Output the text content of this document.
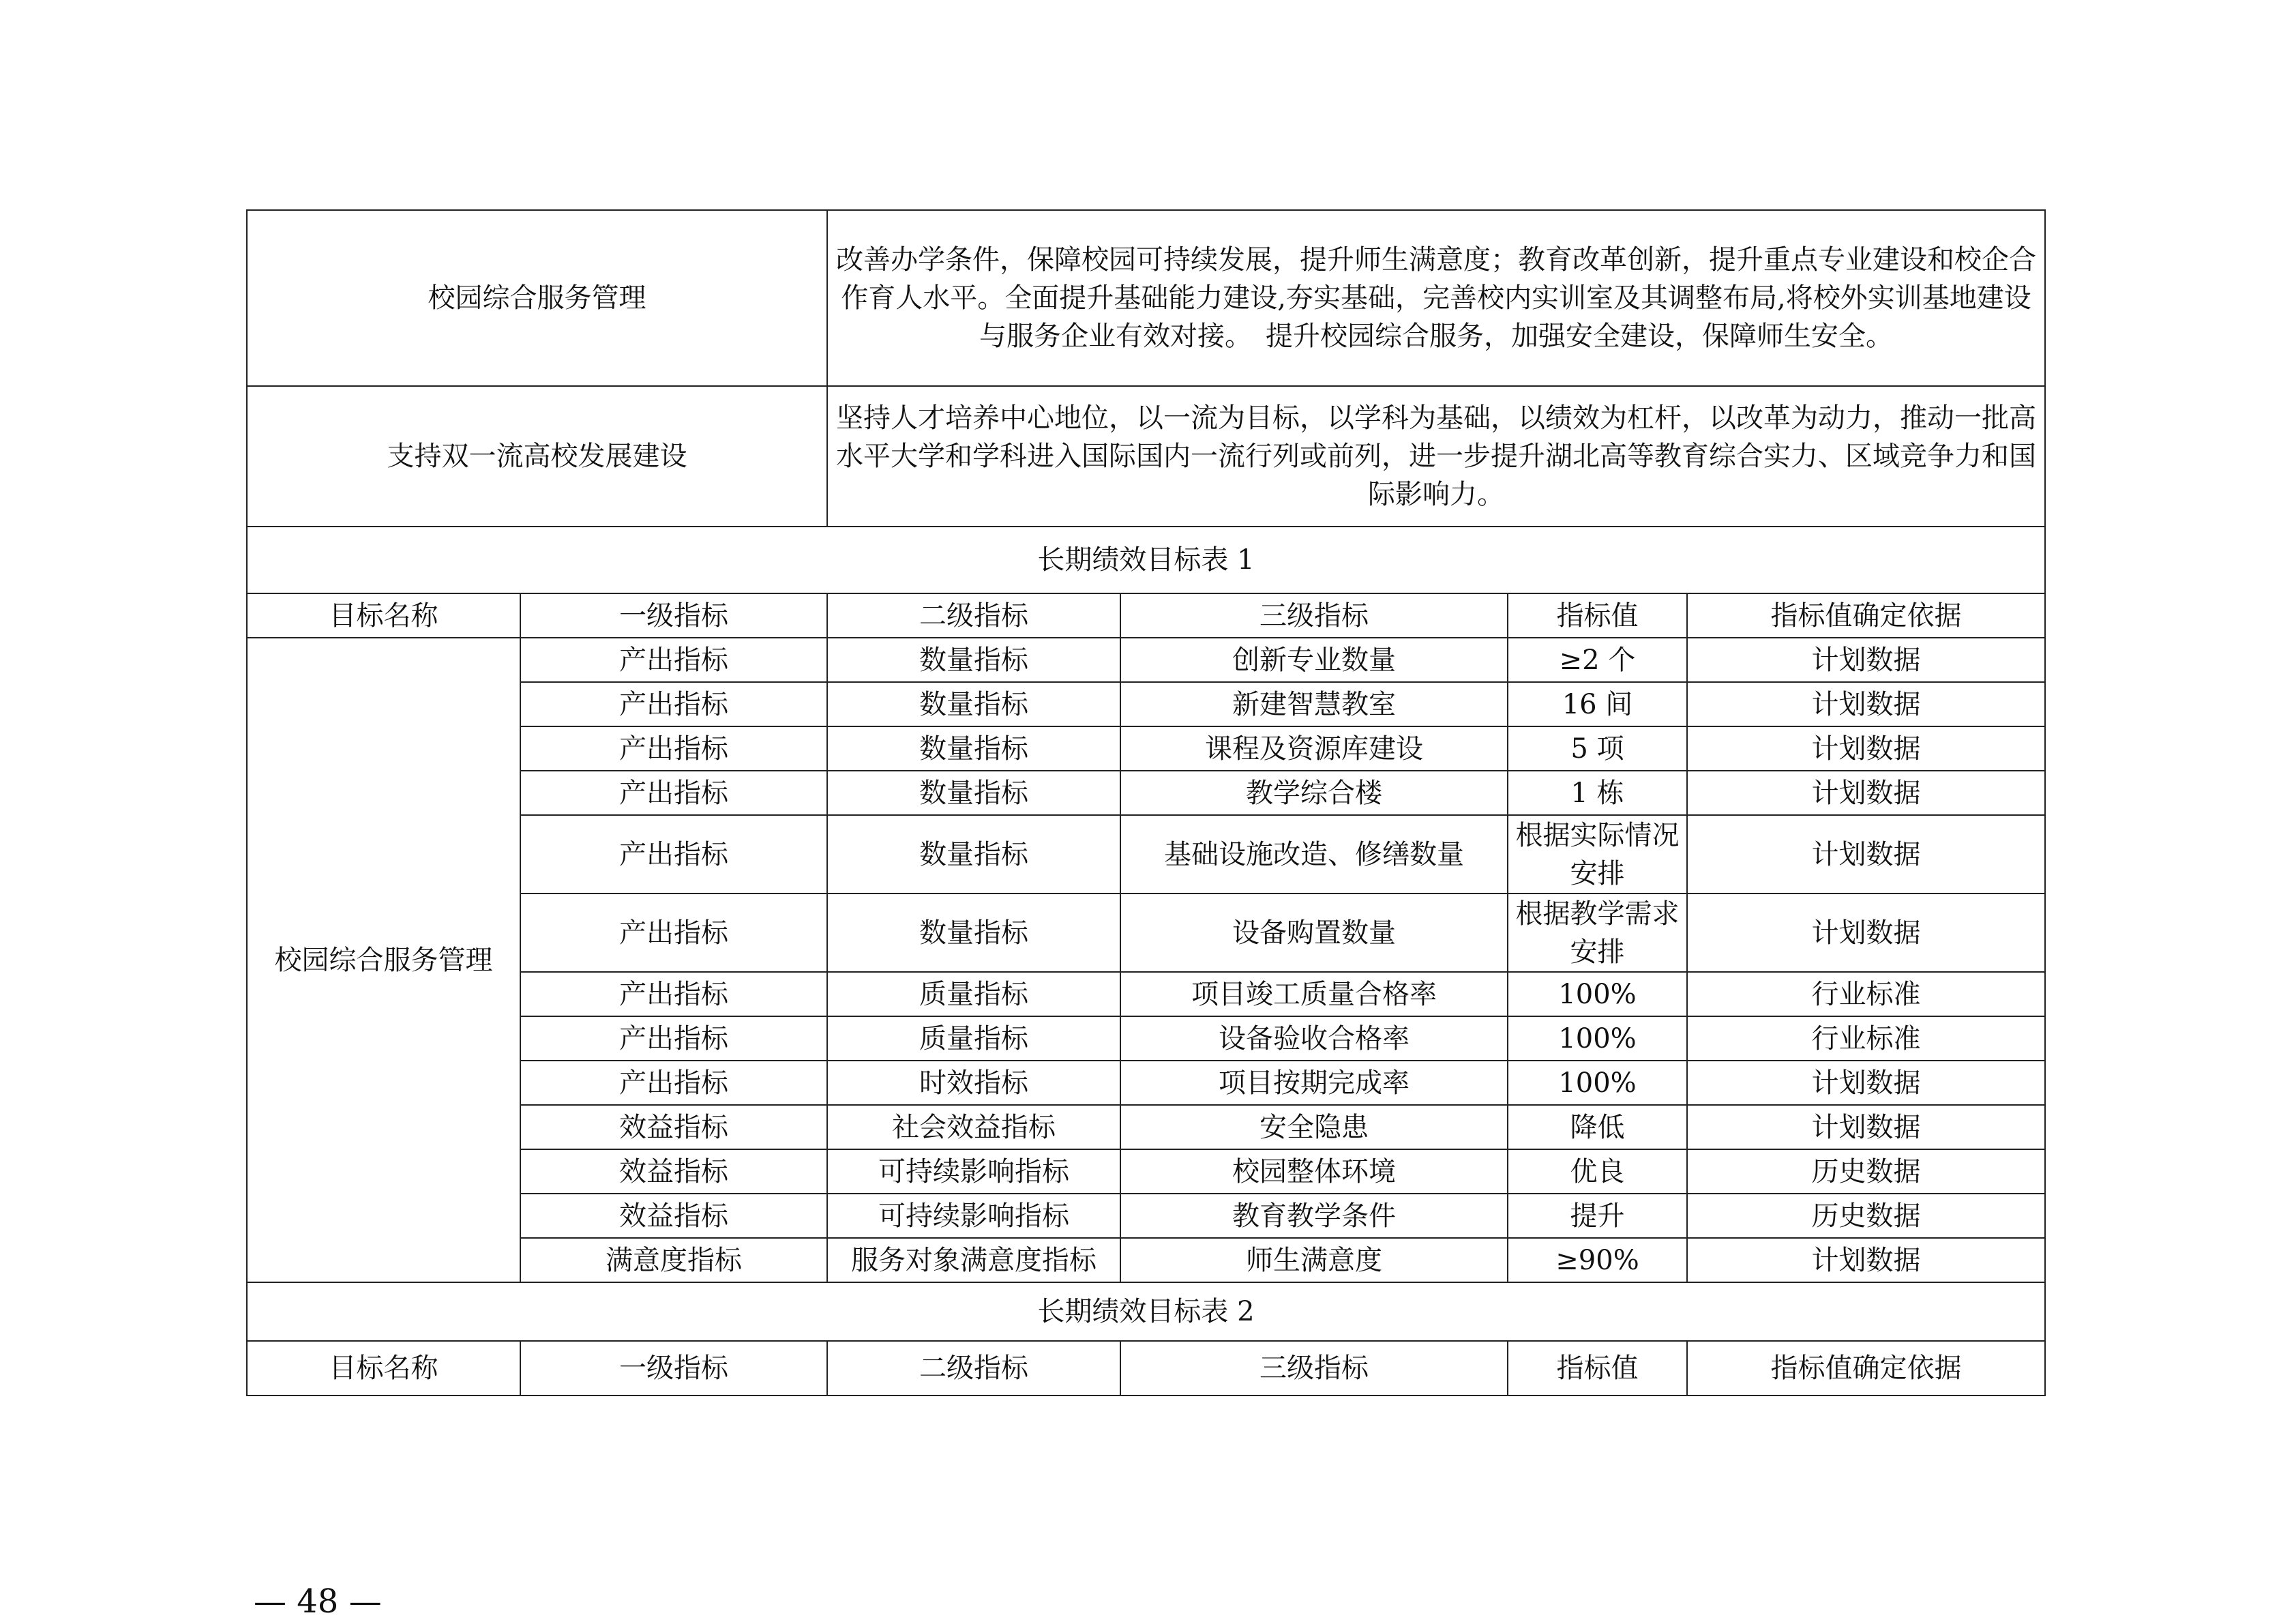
校园综合服务管理		改善办学条件，保障校园可持续发展，提升师生满意度；教育改革创新，提升重点专业建设和校企合作育人水平。全面提升基础能力建设,夯实基础，完善校内实训室及其调整布局,将校外实训基地建设与服务企业有效对接。　提升校园综合服务，加强安全建设，保障师生安全。			
支持双一流高校发展建设		坚持人才培养中心地位，以一流为目标，以学科为基础，以绩效为杠杆，以改革为动力，推动一批高水平大学和学科进入国际国内一流行列或前列，进一步提升湖北高等教育综合实力、区域竞争力和国际影响力。			
长期绩效目标表 1					
目标名称	一级指标	二级指标	三级指标	指标值	指标值确定依据
校园综合服务管理	产出指标	数量指标	创新专业数量	≥2 个	计划数据
	产出指标	数量指标	新建智慧教室	16 间	计划数据
	产出指标	数量指标	课程及资源库建设	5 项	计划数据
	产出指标	数量指标	教学综合楼	1 栋	计划数据
	产出指标	数量指标	基础设施改造、修缮数量	根据实际情况安排	计划数据
	产出指标	数量指标	设备购置数量	根据教学需求安排	计划数据
	产出指标	质量指标	项目竣工质量合格率	100%	行业标准
	产出指标	质量指标	设备验收合格率	100%	行业标准
	产出指标	时效指标	项目按期完成率	100%	计划数据
	效益指标	社会效益指标	安全隐患	降低	计划数据
	效益指标	可持续影响指标	校园整体环境	优良	历史数据
	效益指标	可持续影响指标	教育教学条件	提升	历史数据
	满意度指标	服务对象满意度指标	师生满意度	≥90%	计划数据
长期绩效目标表 2					
目标名称	一级指标	二级指标	三级指标	指标值	指标值确定依据
— 48 —
